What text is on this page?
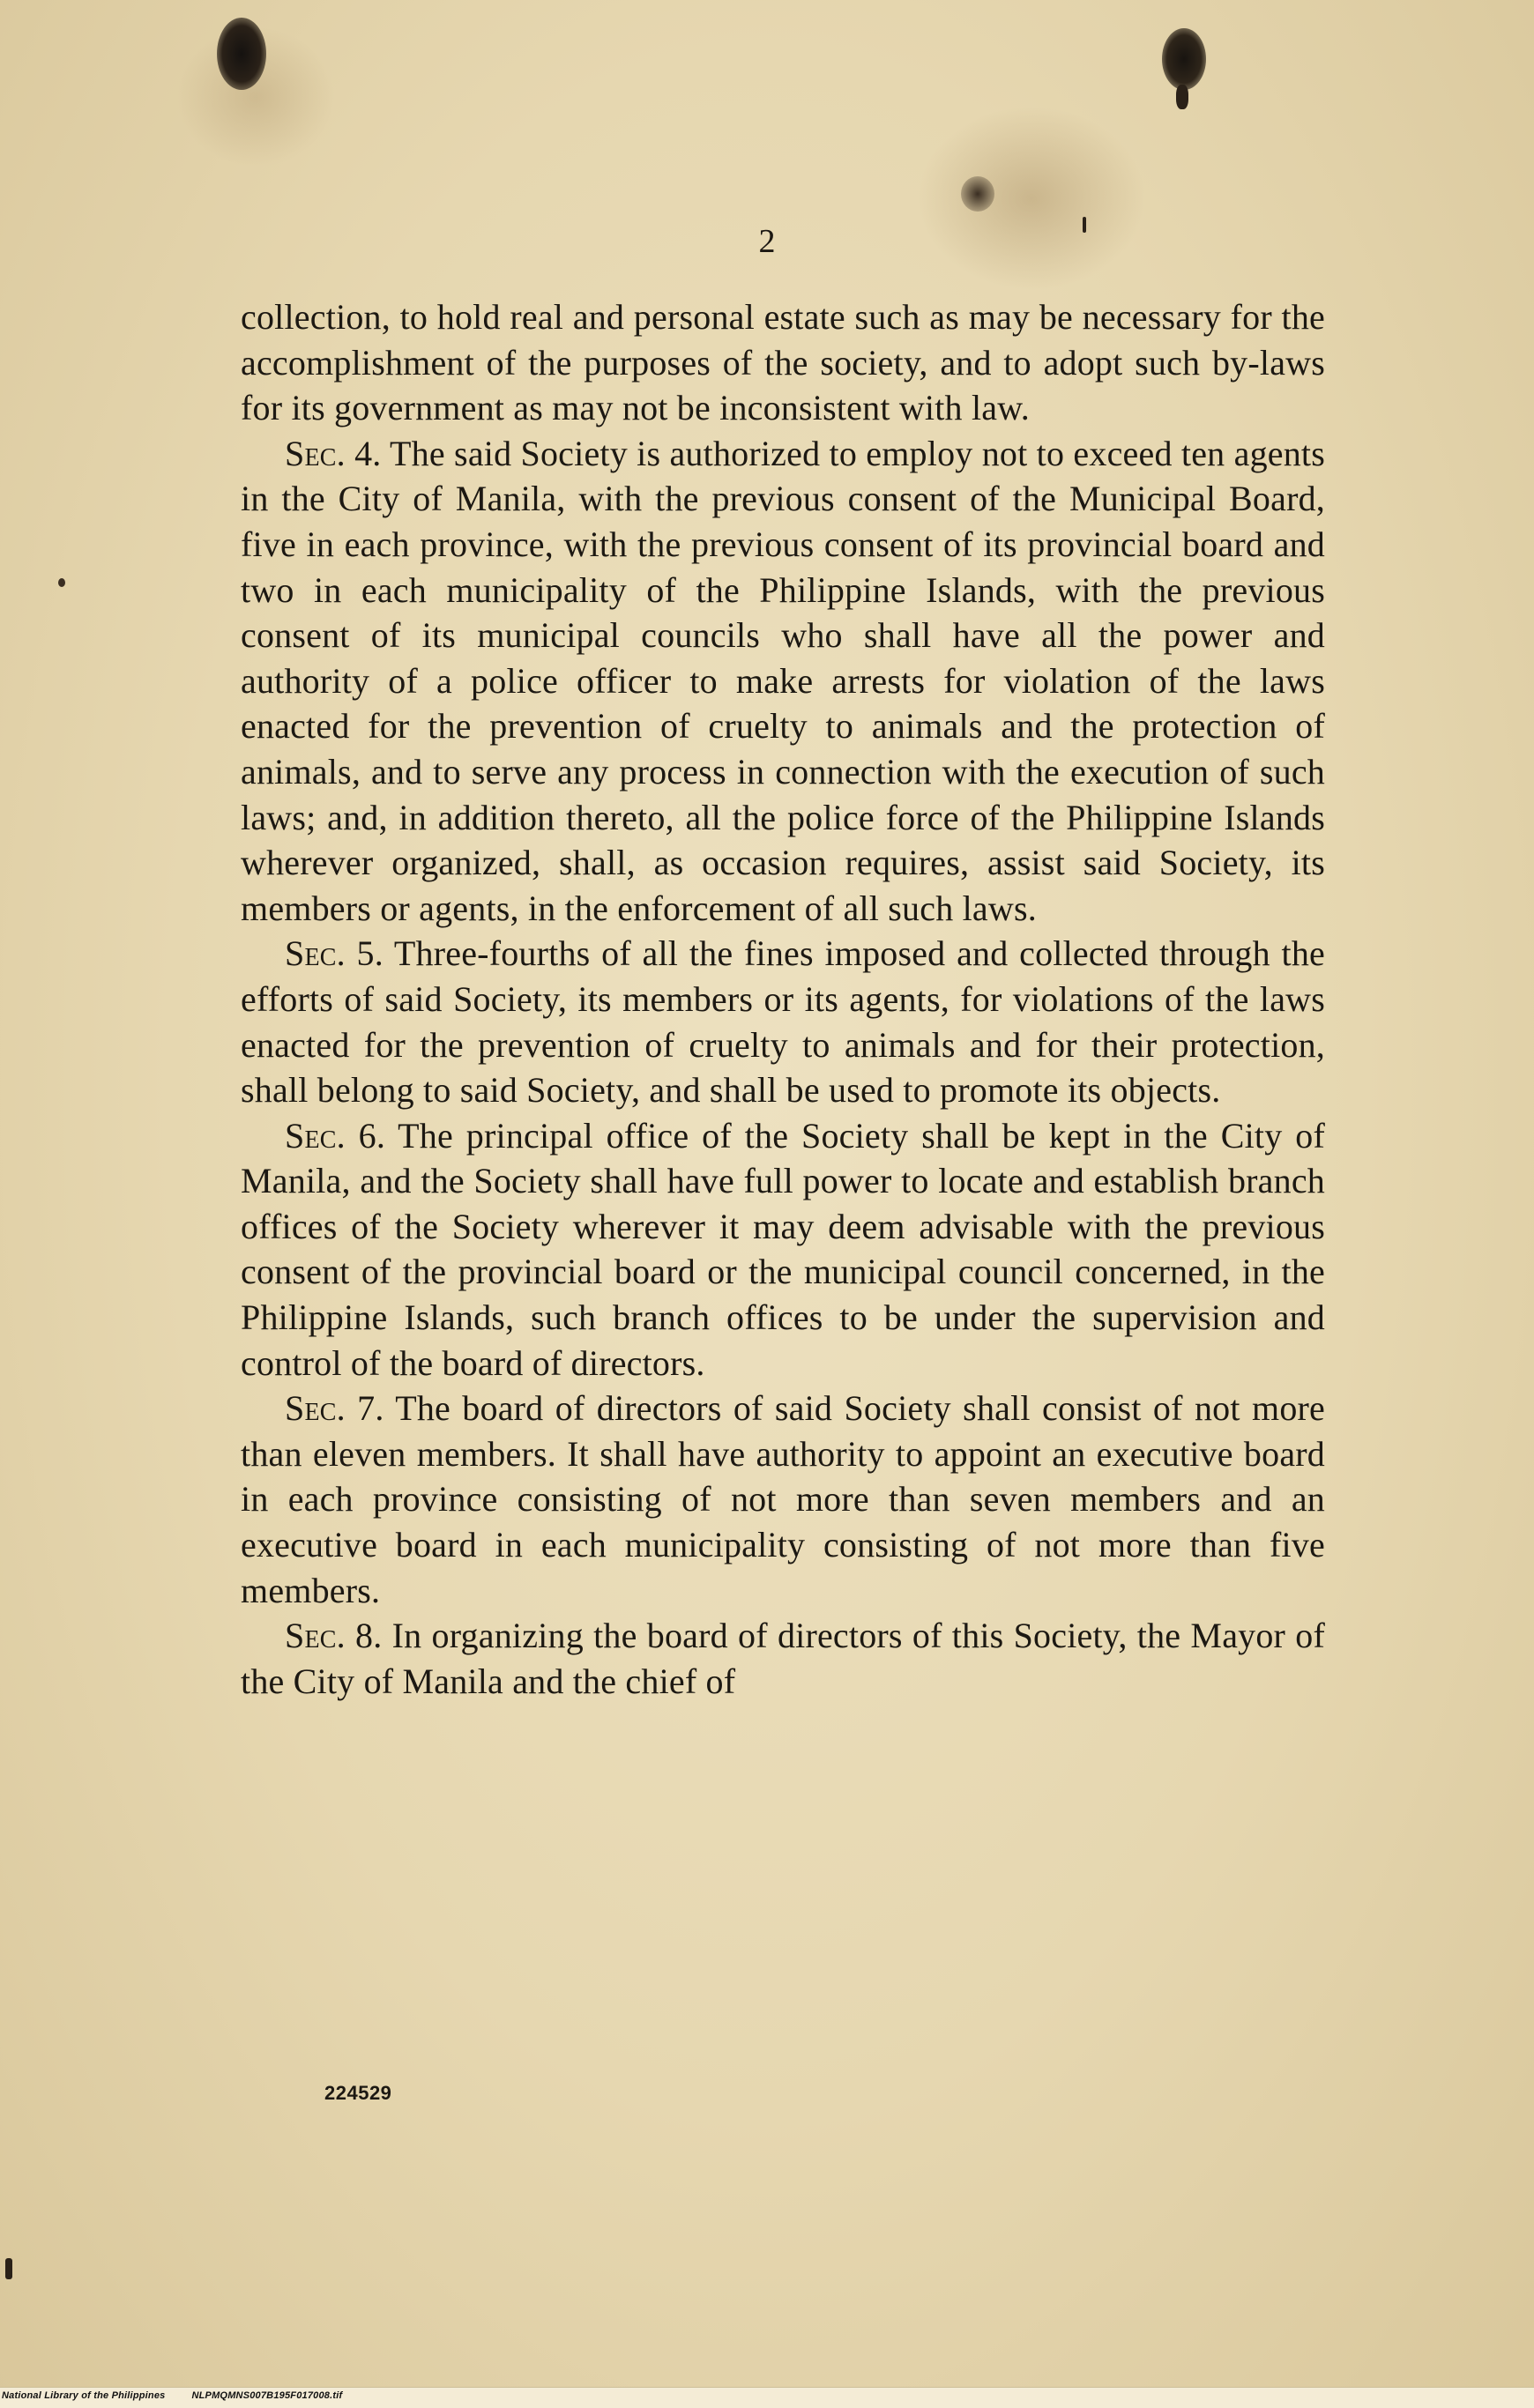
2

collection, to hold real and personal estate such as may be necessary for the accomplishment of the purposes of the society, and to adopt such by-laws for its government as may not be inconsistent with law.

Sec. 4. The said Society is authorized to employ not to exceed ten agents in the City of Manila, with the previous consent of the Municipal Board, five in each province, with the previous consent of its provincial board and two in each municipality of the Philippine Islands, with the previous consent of its municipal councils who shall have all the power and authority of a police officer to make arrests for violation of the laws enacted for the prevention of cruelty to animals and the protection of animals, and to serve any process in connection with the execution of such laws; and, in addition thereto, all the police force of the Philippine Islands wherever organized, shall, as occasion requires, assist said Society, its members or agents, in the enforcement of all such laws.

Sec. 5. Three-fourths of all the fines imposed and collected through the efforts of said Society, its members or its agents, for violations of the laws enacted for the prevention of cruelty to animals and for their protection, shall belong to said Society, and shall be used to promote its objects.

Sec. 6. The principal office of the Society shall be kept in the City of Manila, and the Society shall have full power to locate and establish branch offices of the Society wherever it may deem advisable with the previous consent of the provincial board or the municipal council concerned, in the Philippine Islands, such branch offices to be under the supervision and control of the board of directors.

Sec. 7. The board of directors of said Society shall consist of not more than eleven members. It shall have authority to appoint an executive board in each province consisting of not more than seven members and an executive board in each municipality consisting of not more than five members.

Sec. 8. In organizing the board of directors of this Society, the Mayor of the City of Manila and the chief of

224529
National Library of the Philippines	NLPMQMNS007B195F017008.tif
